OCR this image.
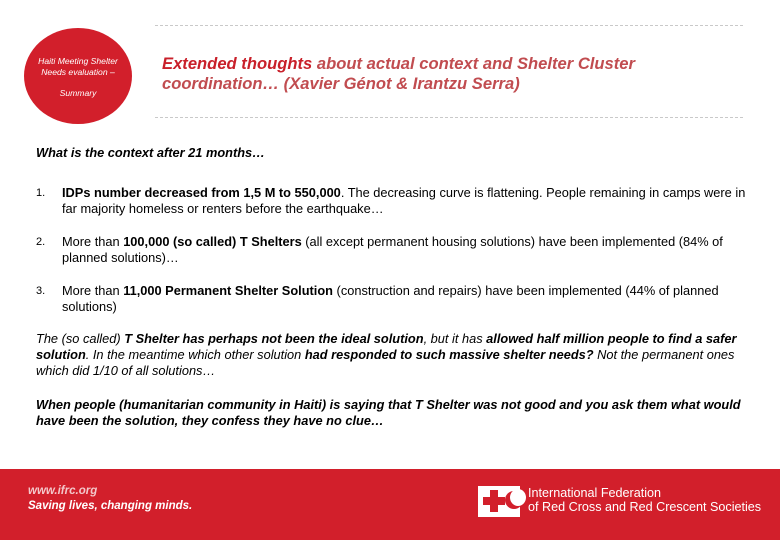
Haiti Meeting Shelter
Needs evaluation –
Summary
Extended thoughts about actual context and Shelter Cluster coordination… (Xavier Génot & Irantzu Serra)

What is the context after 21 months…

1. IDPs number decreased from 1,5 M to 550,000. The decreasing curve is flattening. People remaining in camps were in far majority homeless or renters before the earthquake…
2. More than 100,000 (so called) T Shelters (all except permanent housing solutions) have been implemented (84% of planned solutions)…
3. More than 11,000 Permanent Shelter Solution (construction and repairs) have been implemented (44% of planned solutions)
The (so called) T Shelter has perhaps not been the ideal solution, but it has allowed half million people to find a safer solution. In the meantime which other solution had responded to such massive shelter needs? Not the permanent ones which did 1/10 of all solutions…
When people (humanitarian community in Haiti) is saying that T Shelter was not good and you ask them what would have been the solution, they confess they have no clue…
www.ifrc.org
Saving lives, changing minds.
International Federation
of Red Cross and Red Crescent Societies
